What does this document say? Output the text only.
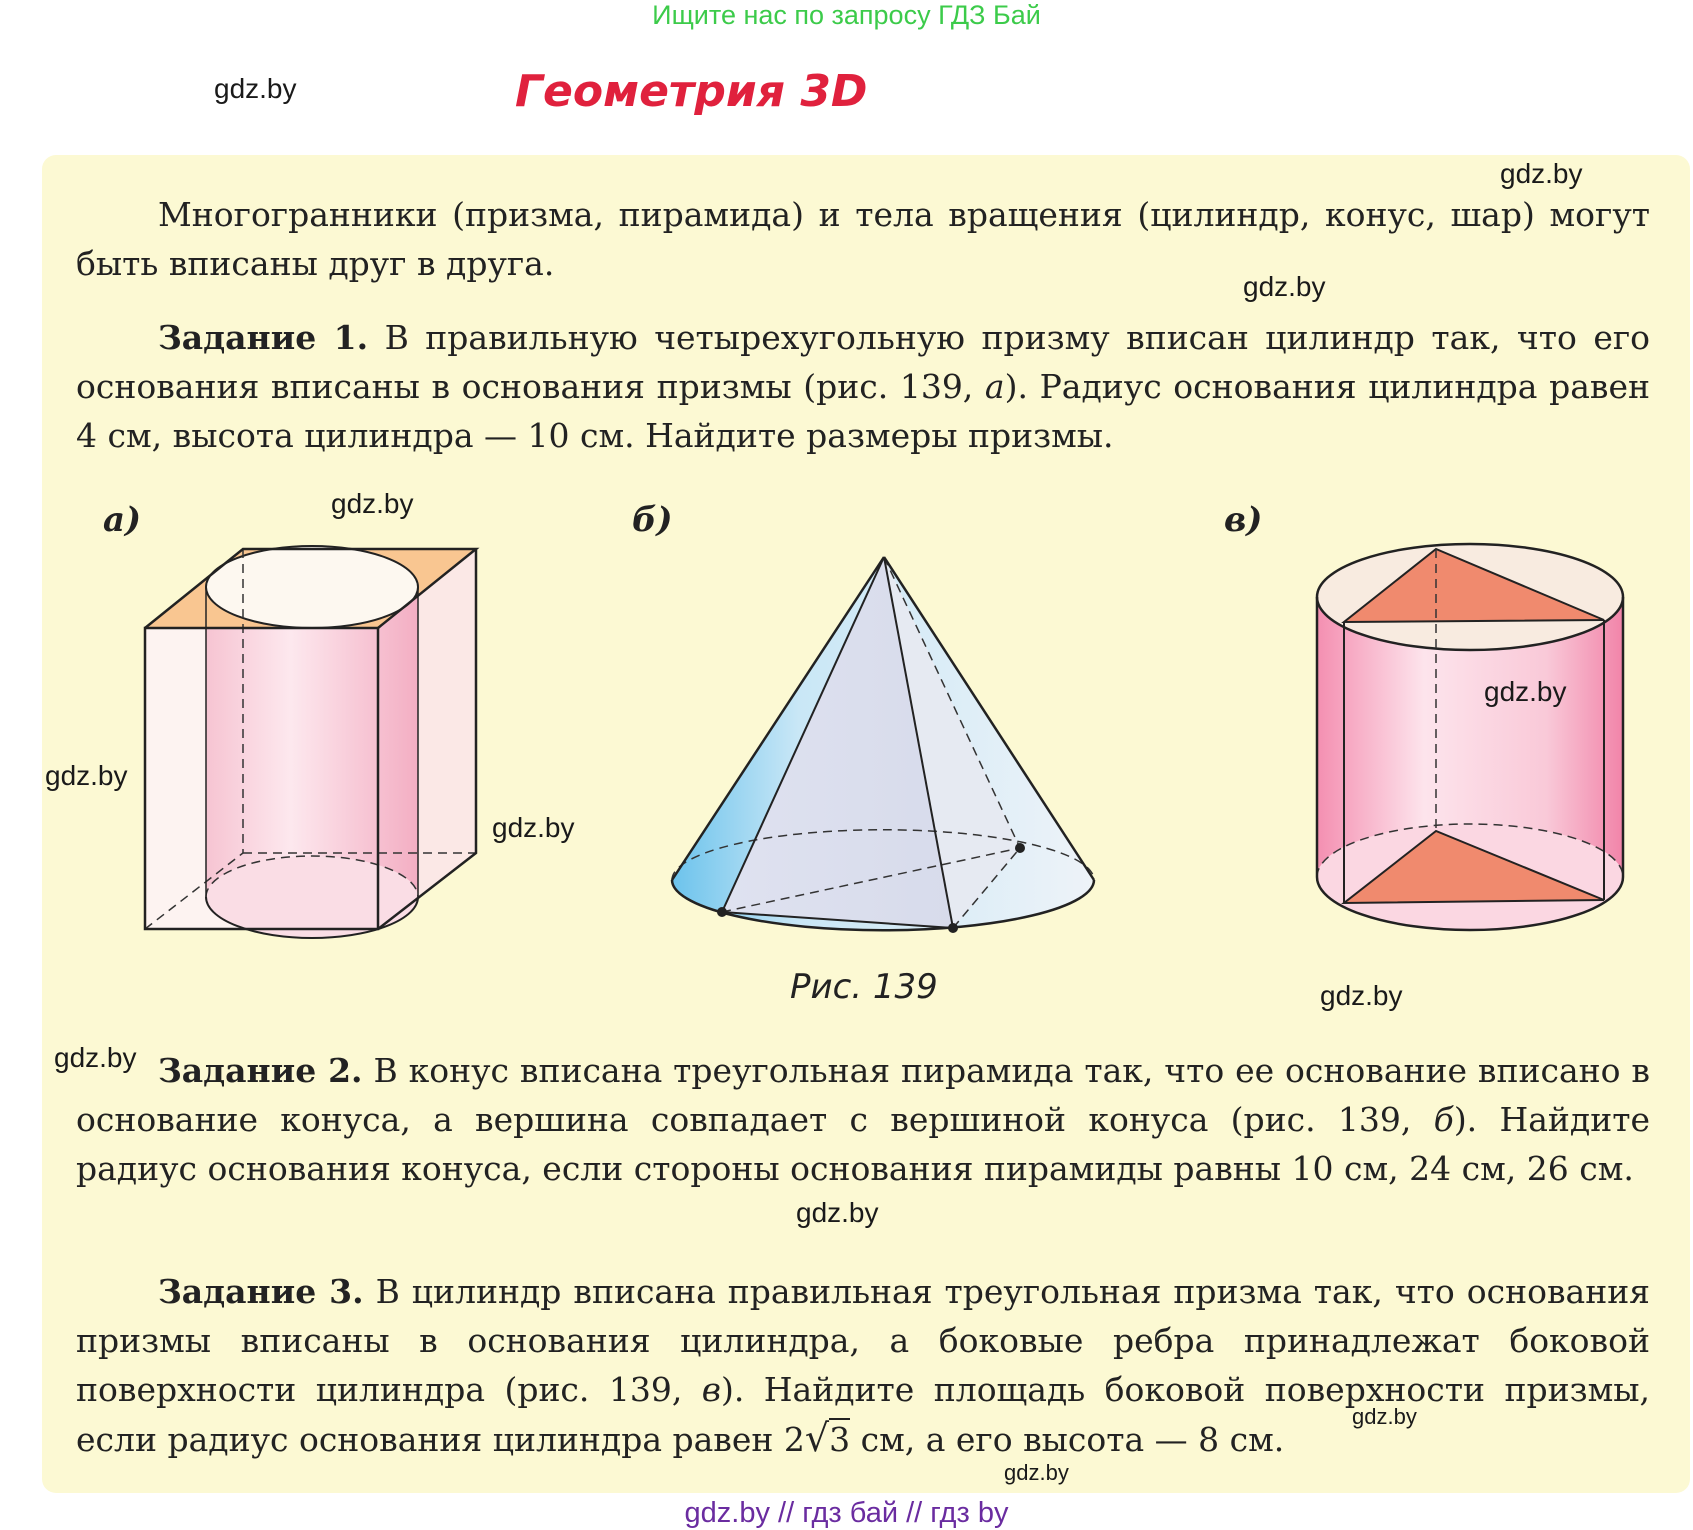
Ищите нас по запросу ГДЗ Бай
gdz.by	Геометрия 3D
gdz.by
gdz.by
Многогранники (призма, пирамида) и тела вращения (цилиндр, конус, шар) могут быть вписаны друг в друга.
Задание 1. В правильную четырехугольную призму вписан цилиндр так, что его основания вписаны в основания призмы (рис. 139, а). Радиус основания цилиндра равен 4 см, высота цилиндра — 10 см. Найдите размеры призмы.
а)	б)	в)
gdz.by
gdz.by
gdz.by
gdz.by
gdz.by
Рис. 139
gdz.by Задание 2. В конус вписана треугольная пирамида так, что ее основание вписано в основание конуса, а вершина совпадает с вершиной конуса (рис. 139, б). Найдите радиус основания конуса, если стороны основания пирамиды равны 10 см, 24 см, 26 см.
gdz.by
Задание 3. В цилиндр вписана правильная треугольная призма так, что основания призмы вписаны в основания цилиндра, а боковые ребра принадлежат боковой поверхности цилиндра (рис. 139, в). Найдите площадь боковой поверхности призмы, если радиус основания цилиндра равен 2√3 см, а его высота — 8 см.
gdz.by
gdz.by
gdz.by // гдз бай // гдз by
